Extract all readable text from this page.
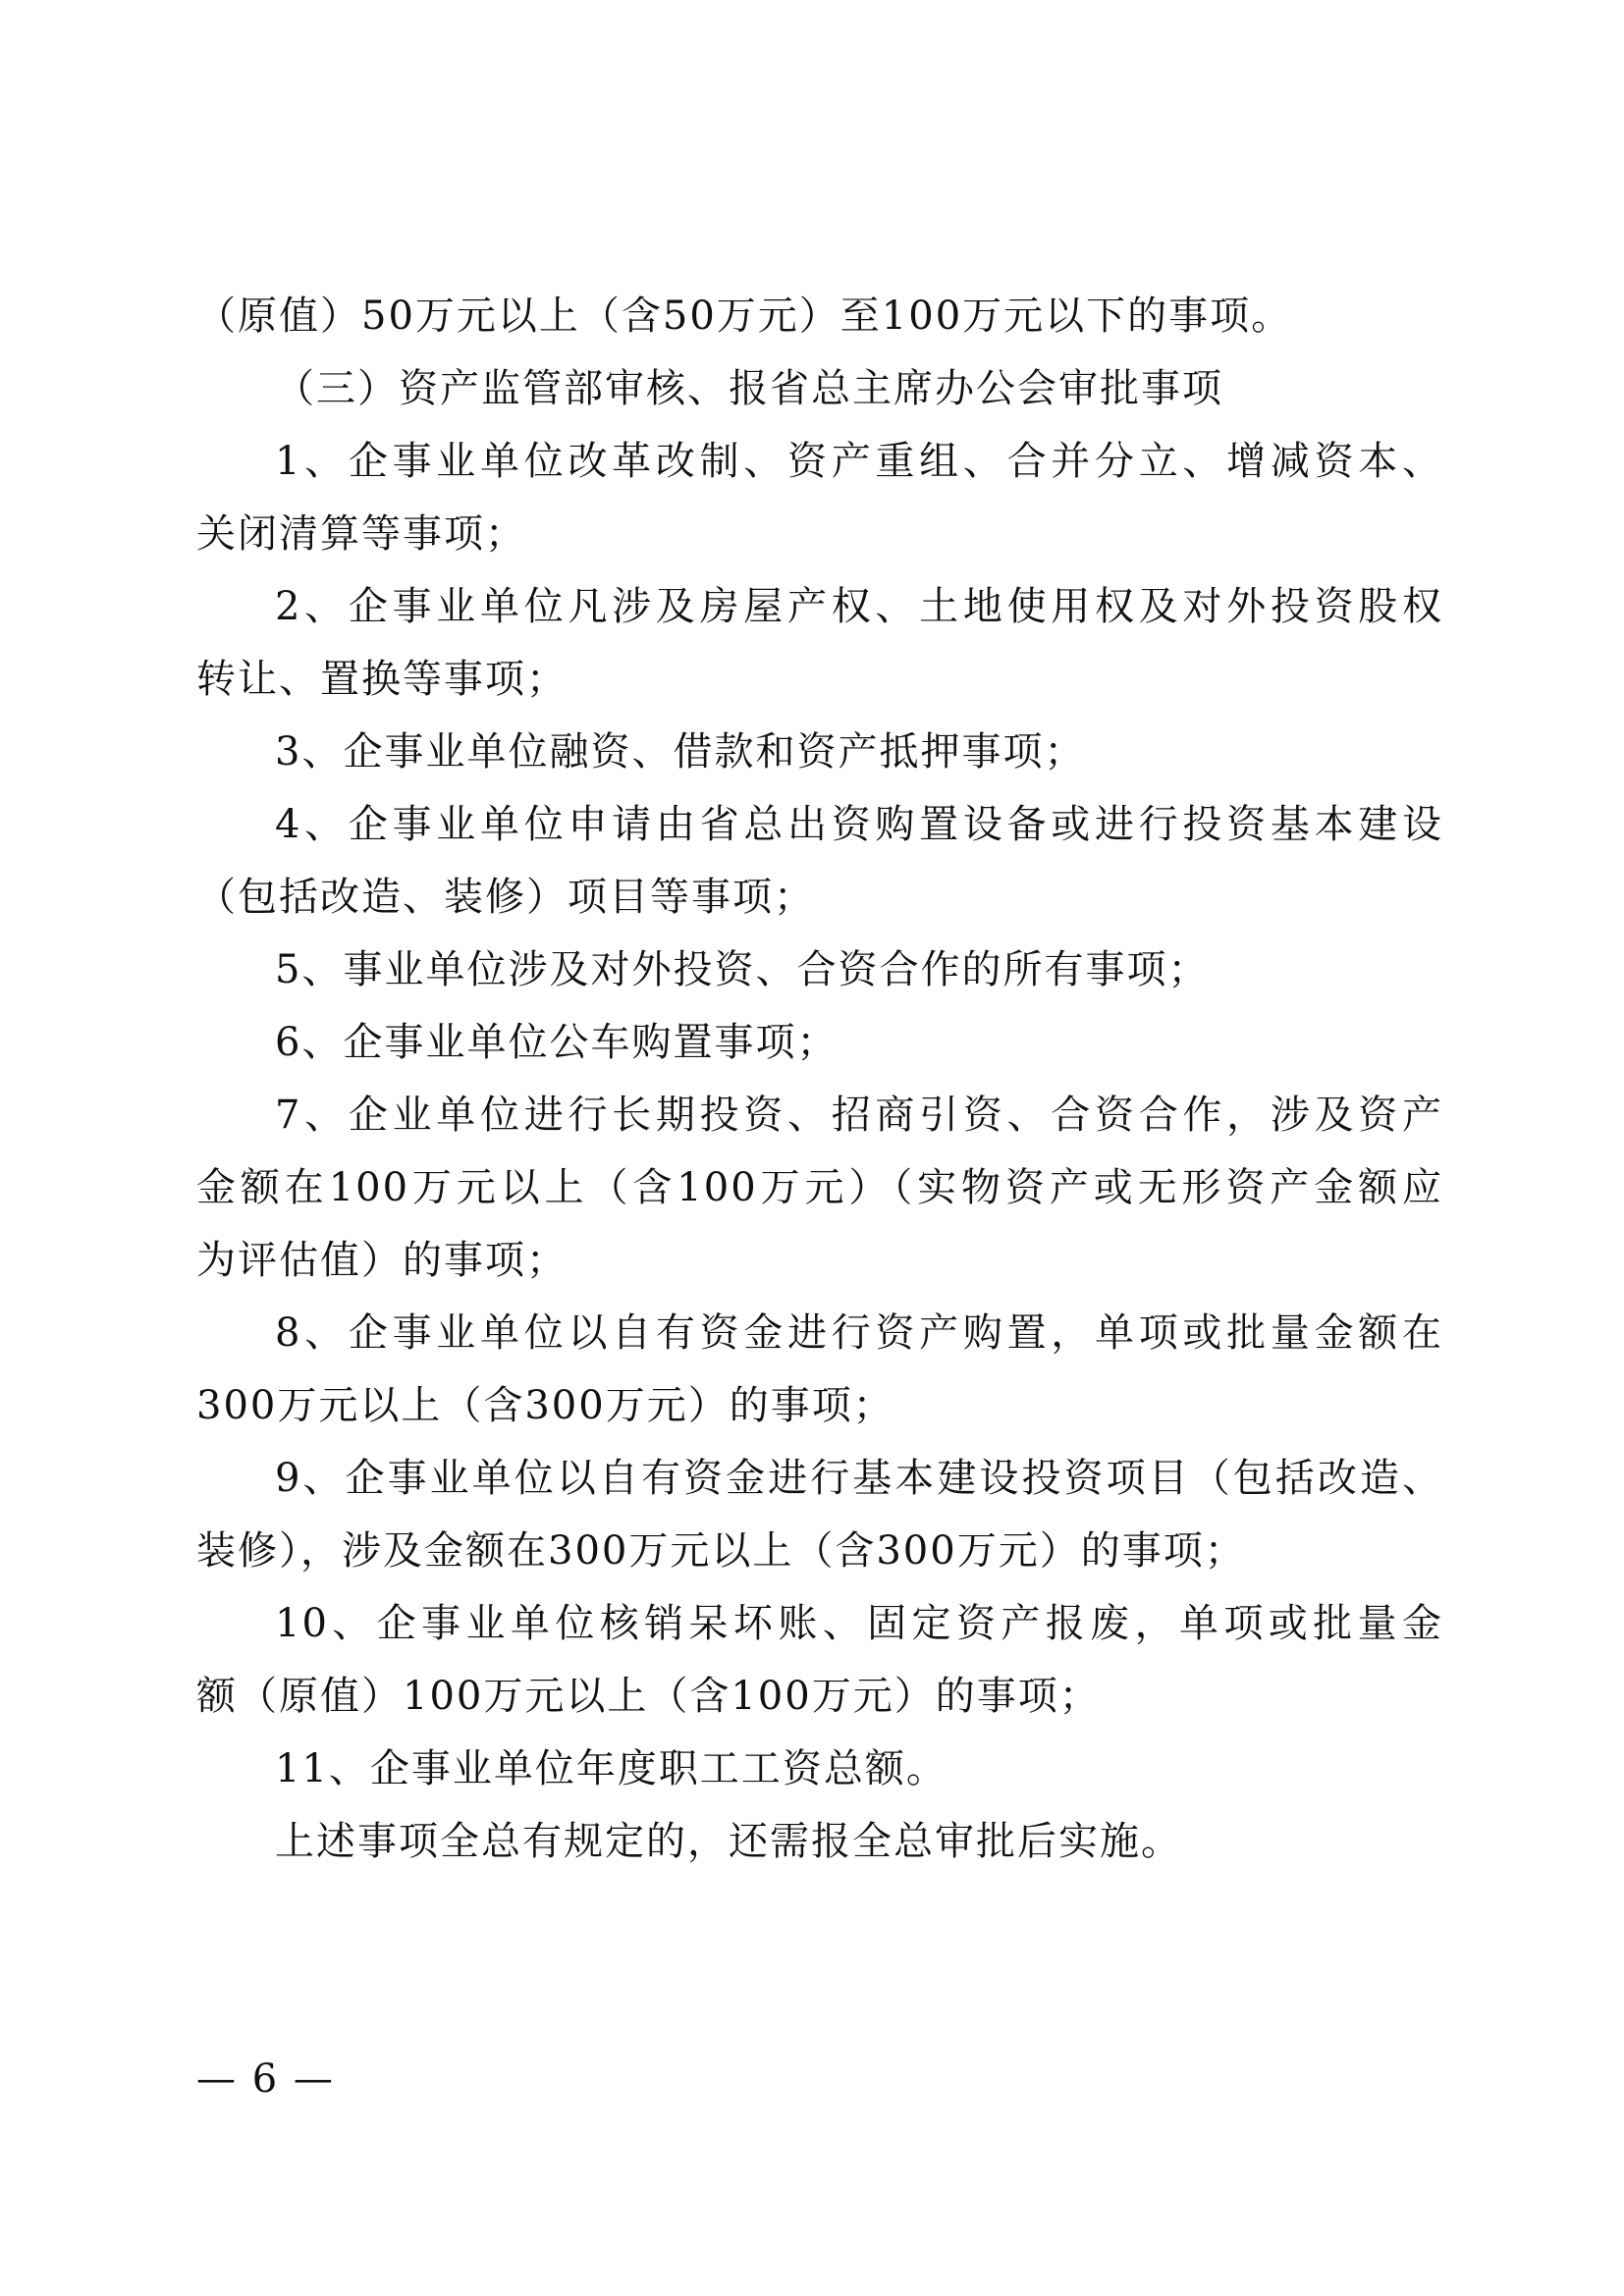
（原值）50万元以上（含50万元）至100万元以下的事项。
（三）资产监管部审核、报省总主席办公会审批事项
1、企事业单位改革改制、资产重组、合并分立、增减资本、
关闭清算等事项；
2、企事业单位凡涉及房屋产权、土地使用权及对外投资股权
转让、置换等事项；
3、企事业单位融资、借款和资产抵押事项；
4、企事业单位申请由省总出资购置设备或进行投资基本建设
（包括改造、装修）项目等事项；
5、事业单位涉及对外投资、合资合作的所有事项；
6、企事业单位公车购置事项；
7、企业单位进行长期投资、招商引资、合资合作，涉及资产
金额在100万元以上（含100万元）（实物资产或无形资产金额应
为评估值）的事项；
8、企事业单位以自有资金进行资产购置，单项或批量金额在
300万元以上（含300万元）的事项；
9、企事业单位以自有资金进行基本建设投资项目（包括改造、
装修），涉及金额在300万元以上（含300万元）的事项；
10、企事业单位核销呆坏账、固定资产报废，单项或批量金
额（原值）100万元以上（含100万元）的事项；
11、企事业单位年度职工工资总额。
上述事项全总有规定的，还需报全总审批后实施。
— 6 —
